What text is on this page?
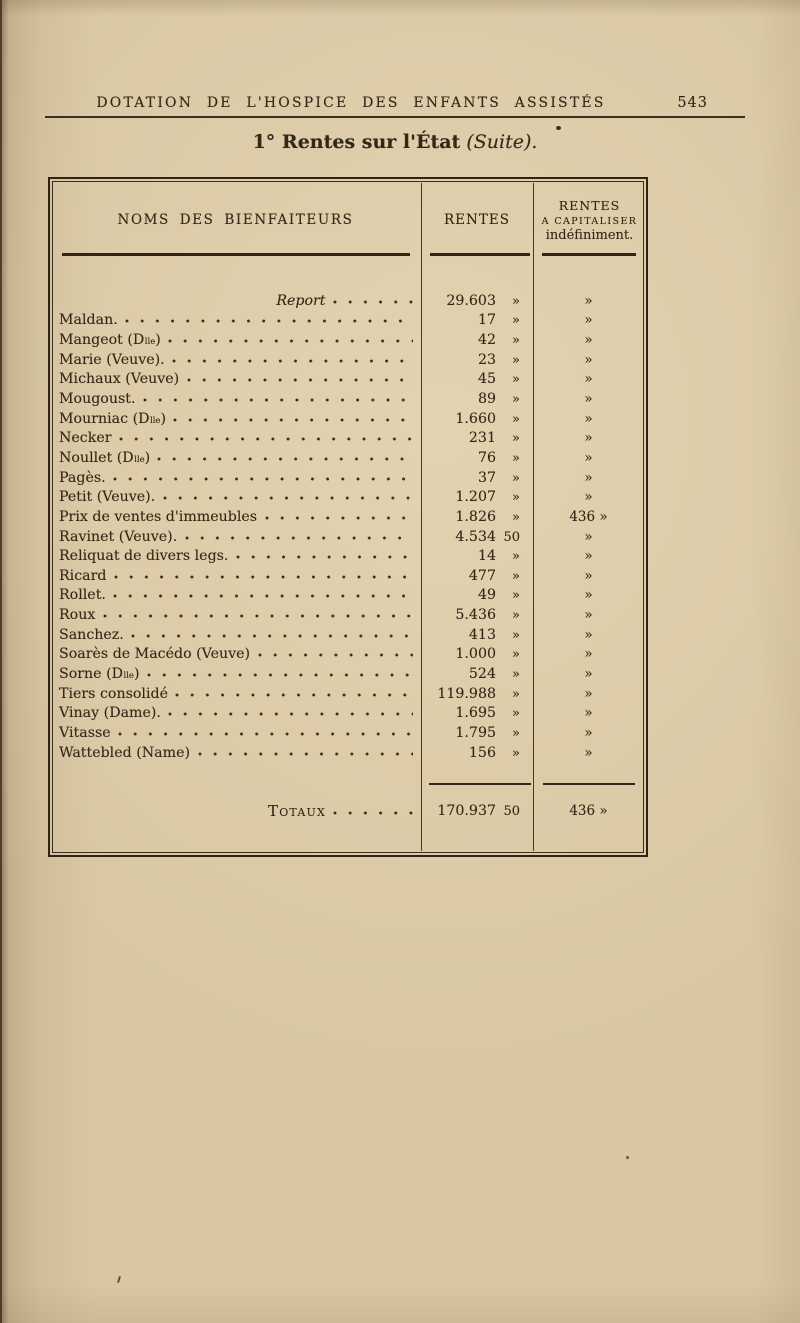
DOTATION DE L'HOSPICE DES ENFANTS ASSISTÉS	543
1° Rentes sur l'État (Suite).
NOMS DES BIENFAITEURS	RENTES
RENTES
A CAPITALISER
indéfiniment.
Report	29.603	»	»
Maldan.	17	»	»
Mangeot (D lle )	42	»	»
Marie (Veuve).	23	»	»
Michaux (Veuve)	45	»	»
Mougoust.	89	»	»
Mourniac (D lle )	1.660	»	»
Necker	231	»	»
Noullet (D lle )	76	»	»
Pagès.	37	»	»
Petit (Veuve).	1.207	»	»
Prix de ventes d'immeubles	1.826	»	436 »
Ravinet (Veuve).	4.534 50	»
Reliquat de divers legs.	14	»	»
Ricard	477	»	»
Rollet.	49	»	»
Roux	5.436	»	»
Sanchez.	413	»	»
Soarès de Macédo (Veuve)	1.000	»	»
Sorne (D lle )	524	»	»
Tiers consolidé	119.988	»	»
Vinay (Dame).	1.695	»	»
Vitasse	1.795	»	»
Wattebled (Name)	156	»	»
Totaux	170.937 50	436 »
